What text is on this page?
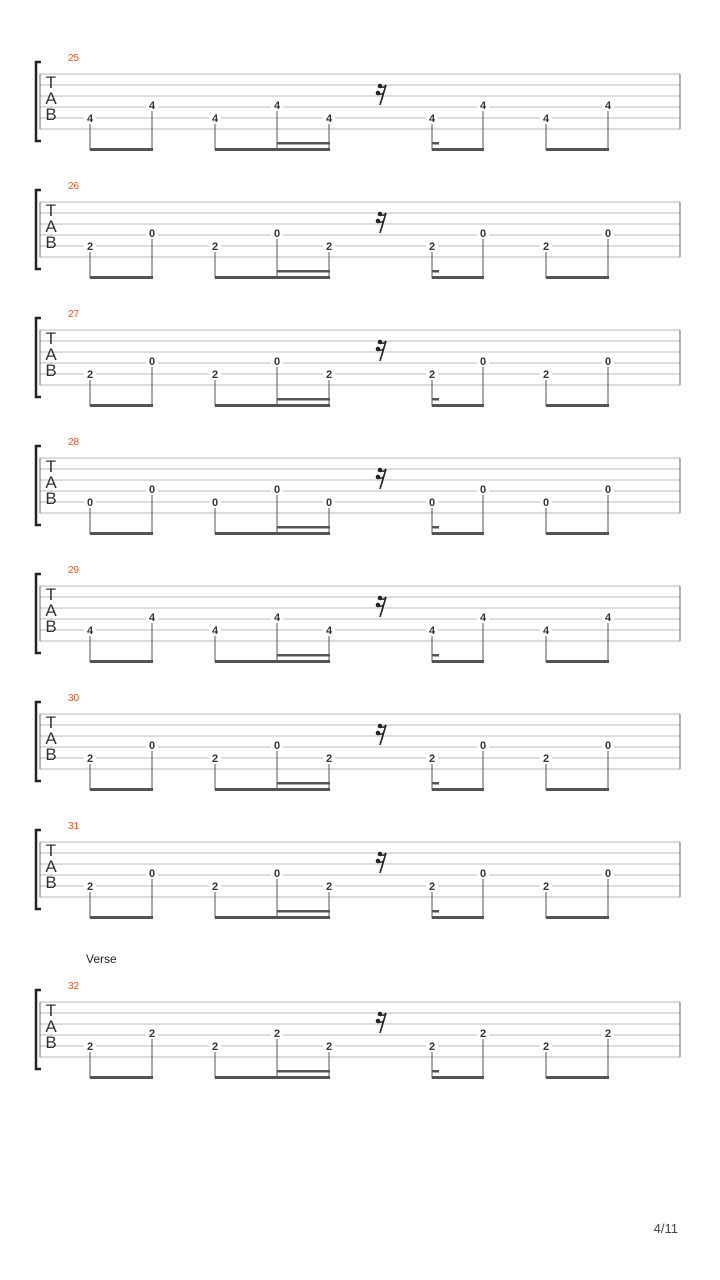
25
T
A
B	4	4	4	4	4
4	4	4	4
26
T
A
B	2	2	2	2	2
0	0	0	0
27
T
A
B	2	2	2	2	2
0	0	0	0
28
T
A
B	0	0	0	0	0
0	0	0	0
29
T
A
B	4	4	4	4	4
4	4	4	4
30
T
A
B	2	2	2	2	2
0	0	0	0
31
T
A
B	2	2	2	2	2
0	0	0	0
32
T
A
B	2	2	2	2	2
2	2	2	2
Verse
4/11
